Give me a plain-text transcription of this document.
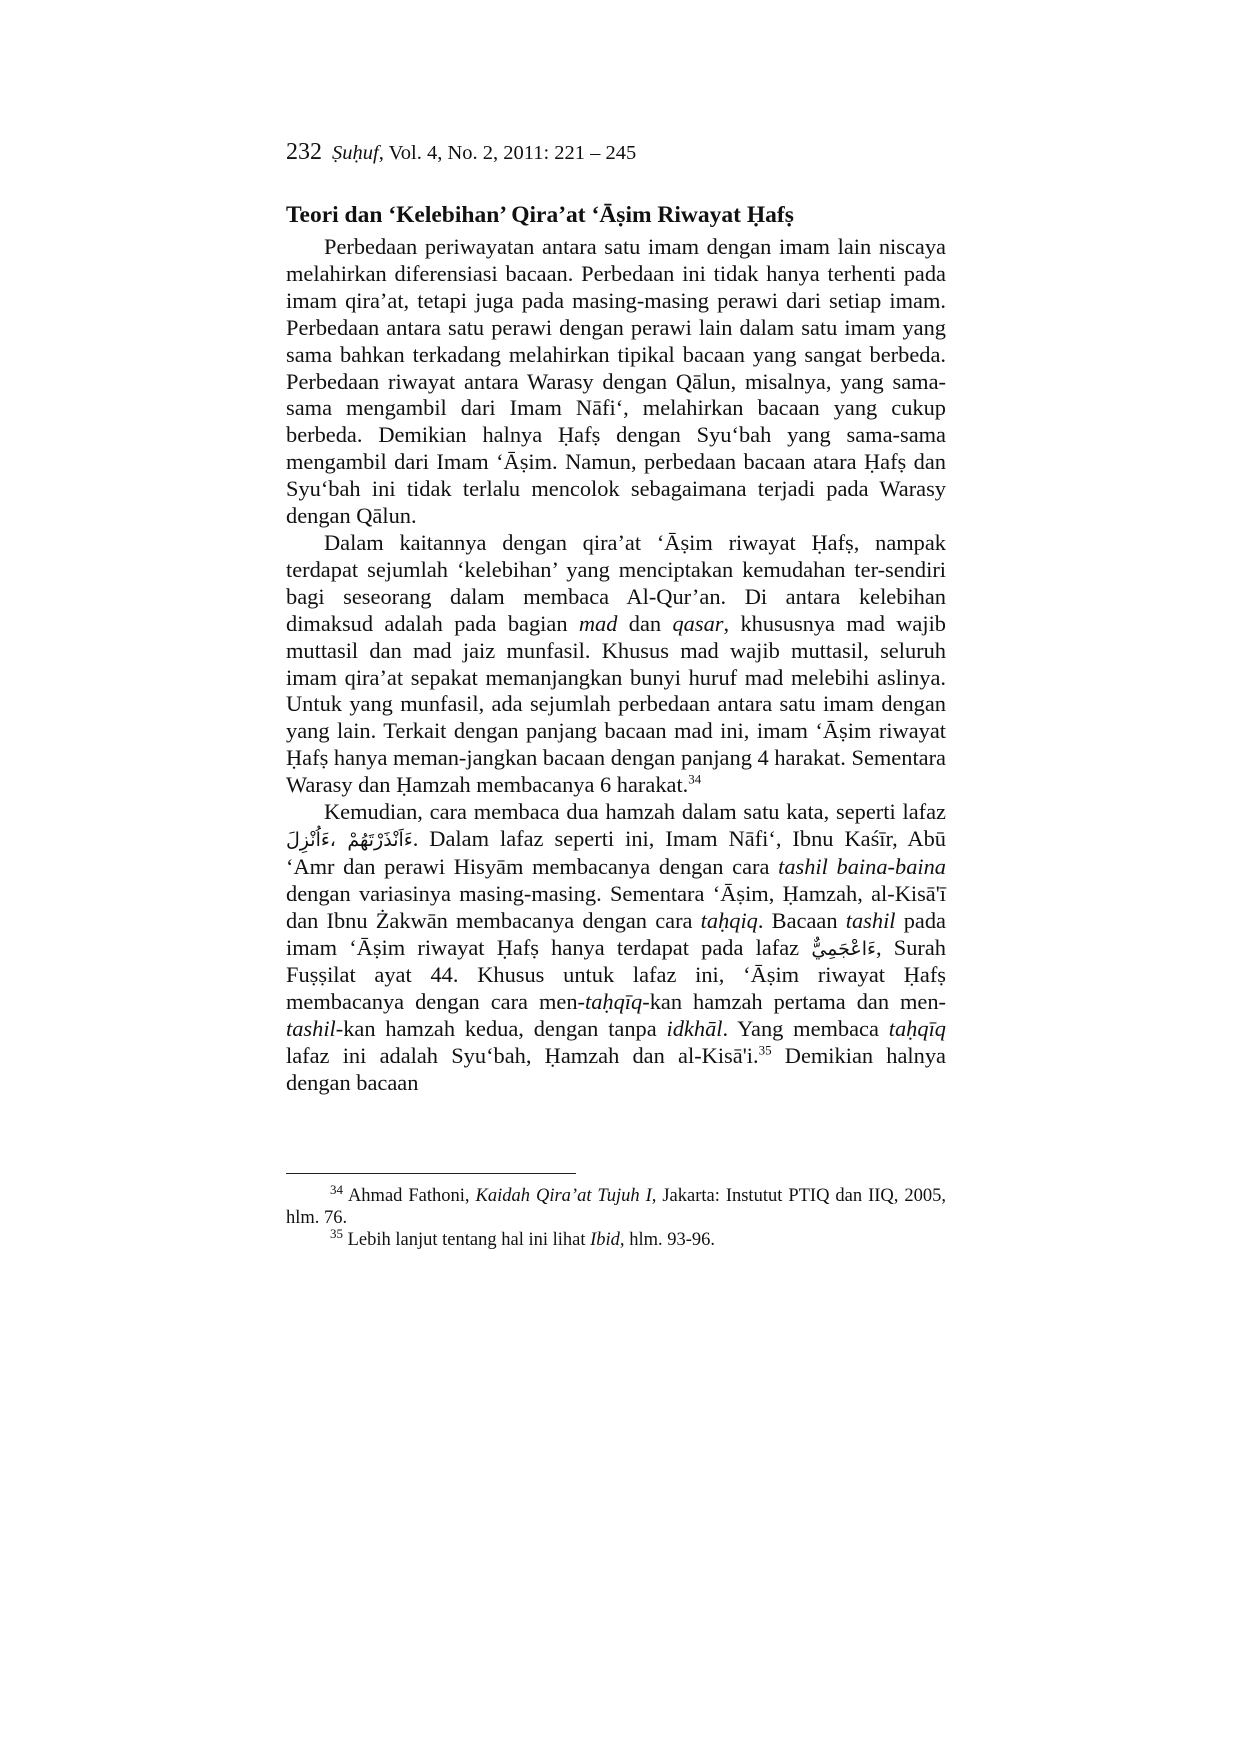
232 Ṣuḥuf, Vol. 4, No. 2, 2011: 221 – 245
Teori dan ‘Kelebihan’ Qira’at ‘Āṣim Riwayat Ḥafṣ

Perbedaan periwayatan antara satu imam dengan imam lain niscaya melahirkan diferensiasi bacaan. Perbedaan ini tidak hanya terhenti pada imam qira’at, tetapi juga pada masing-masing perawi dari setiap imam. Perbedaan antara satu perawi dengan perawi lain dalam satu imam yang sama bahkan terkadang melahirkan tipikal bacaan yang sangat berbeda. Perbedaan riwayat antara Warasy dengan Qālun, misalnya, yang sama-sama mengambil dari Imam Nāfi‘, melahirkan bacaan yang cukup berbeda. Demikian halnya Ḥafṣ dengan Syu‘bah yang sama-sama mengambil dari Imam ‘Āṣim. Namun, perbedaan bacaan atara Ḥafṣ dan Syu‘bah ini tidak terlalu mencolok sebagaimana terjadi pada Warasy dengan Qālun.

Dalam kaitannya dengan qira’at ‘Āṣim riwayat Ḥafṣ, nampak terdapat sejumlah ‘kelebihan’ yang menciptakan kemudahan ter-sendiri bagi seseorang dalam membaca Al-Qur’an. Di antara kelebihan dimaksud adalah pada bagian mad dan qasar, khususnya mad wajib muttasil dan mad jaiz munfasil. Khusus mad wajib muttasil, seluruh imam qira’at sepakat memanjangkan bunyi huruf mad melebihi aslinya. Untuk yang munfasil, ada sejumlah perbedaan antara satu imam dengan yang lain. Terkait dengan panjang bacaan mad ini, imam ‘Āṣim riwayat Ḥafṣ hanya meman-jangkan bacaan dengan panjang 4 harakat. Sementara Warasy dan Ḥamzah membacanya 6 harakat.$^{34}$

Kemudian, cara membaca dua hamzah dalam satu kata, seperti lafaz ءَاَنْذَرْتَهُمْ ،ءَاُنْزِلَ. Dalam lafaz seperti ini, Imam Nāfi‘, Ibnu Kaśīr, Abū ‘Amr dan perawi Hisyām membacanya dengan cara tashil baina-baina dengan variasinya masing-masing. Sementara ‘Āṣim, Ḥamzah, al-Kisā'ī dan Ibnu Żakwān membacanya dengan cara taḥqiq. Bacaan tashil pada imam ‘Āṣim riwayat Ḥafṣ hanya terdapat pada lafaz ءَاعْجَمِيٌّ, Surah Fuṣṣilat ayat 44. Khusus untuk lafaz ini, ‘Āṣim riwayat Ḥafṣ membacanya dengan cara men-taḥqīq-kan hamzah pertama dan men-tashil-kan hamzah kedua, dengan tanpa idkhāl. Yang membaca taḥqīq lafaz ini adalah Syu‘bah, Ḥamzah dan al-Kisā'i.$^{35}$ Demikian halnya dengan bacaan

$^{34}$ Ahmad Fathoni, Kaidah Qira’at Tujuh I, Jakarta: Instutut PTIQ dan IIQ, 2005, hlm. 76.

$^{35}$ Lebih lanjut tentang hal ini lihat Ibid, hlm. 93-96.
